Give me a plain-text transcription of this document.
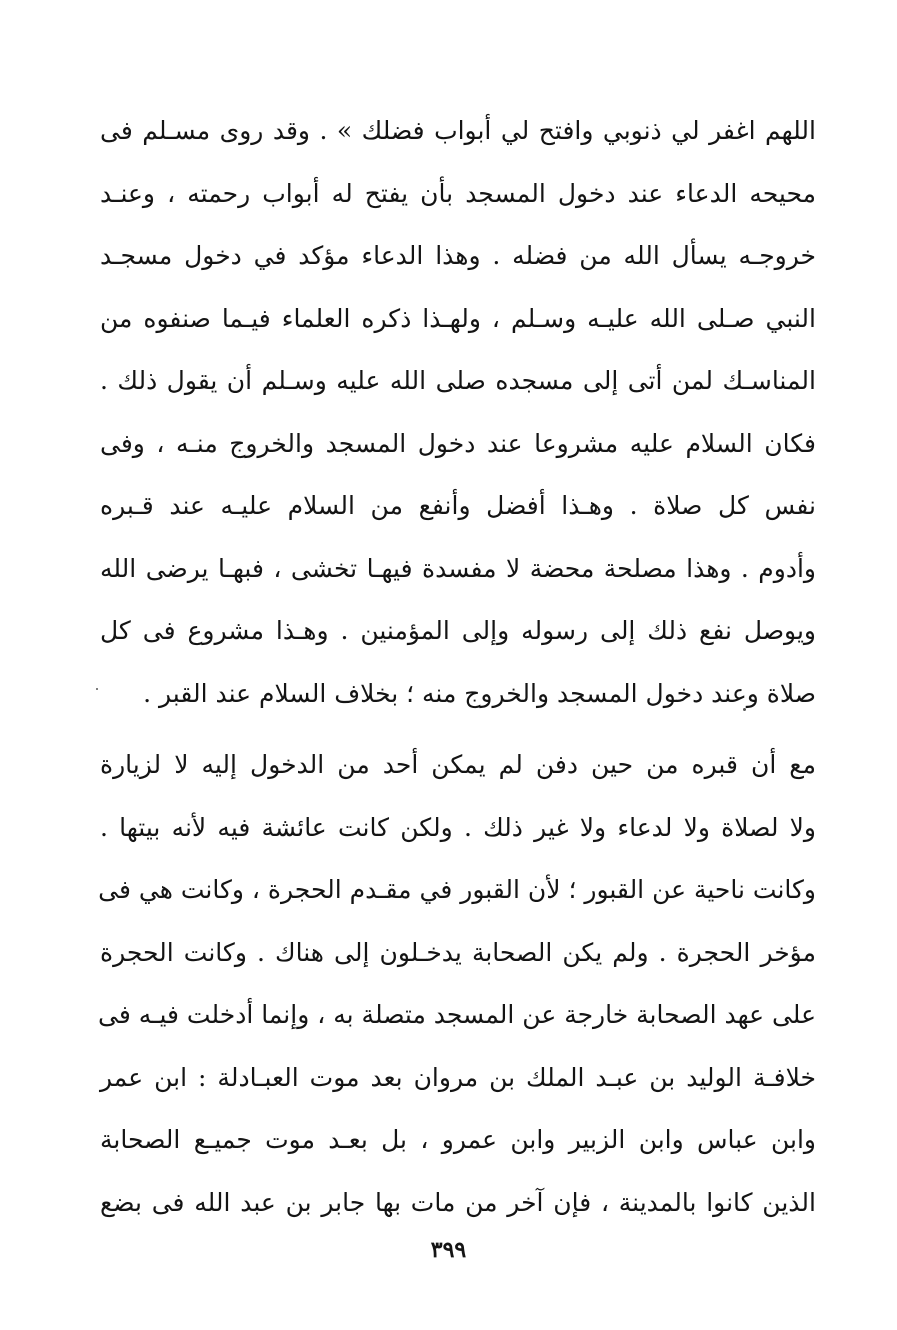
اللهم اغفر لي ذنوبي وافتح لي أبواب فضلك » . وقد روى مسـلم فى
محيحه الدعاء عند دخول المسجد بأن يفتح له أبواب رحمته ، وعنـد
خروجـه يسأل الله من فضله . وهذا الدعاء مؤكد في دخول مسجـد
النبي صـلى الله عليـه وسـلم ، ولهـذا ذكره العلماء فيـما صنفوه من
المناسـك لمن أتى إلى مسجده صلى الله عليه وسـلم أن يقول ذلك .
فكان السلام عليه مشروعا عند دخول المسجد والخروج منـه ، وفى
نفس كل صلاة . وهـذا أفضل وأنفع من السلام عليـه عند قـبره
وأدوم . وهذا مصلحة محضة لا مفسدة فيهـا تخشى ، فبهـا يرضى الله
ويوصل نفع ذلك إلى رسوله وإلى المؤمنين . وهـذا مشروع فى كل
صلاة وعند دخول المسجد والخروج منه ؛ بخلاف السلام عند القبر .
مع أن قبره من حين دفن لم يمكن أحد من الدخول إليه لا لزيارة
ولا لصلاة ولا لدعاء ولا غير ذلك . ولكن كانت عائشة فيه لأنه بيتها .
وكانت ناحية عن القبور ؛ لأن القبور في مقـدم الحجرة ، وكانت هي فى
مؤخر الحجرة . ولم يكن الصحابة يدخـلون إلى هناك . وكانت الحجرة
على عهد الصحابة خارجة عن المسجد متصلة به ، وإنما أدخلت فيـه فى
خلافـة الوليد بن عبـد الملك بن مروان بعد موت العبـادلة : ابن عمر
وابن عباس وابن الزبير وابن عمرو ، بل بعـد موت جميـع الصحابة
الذين كانوا بالمدينة ، فإن آخر من مات بها جابر بن عبد الله فى بضع
٣٩٩
